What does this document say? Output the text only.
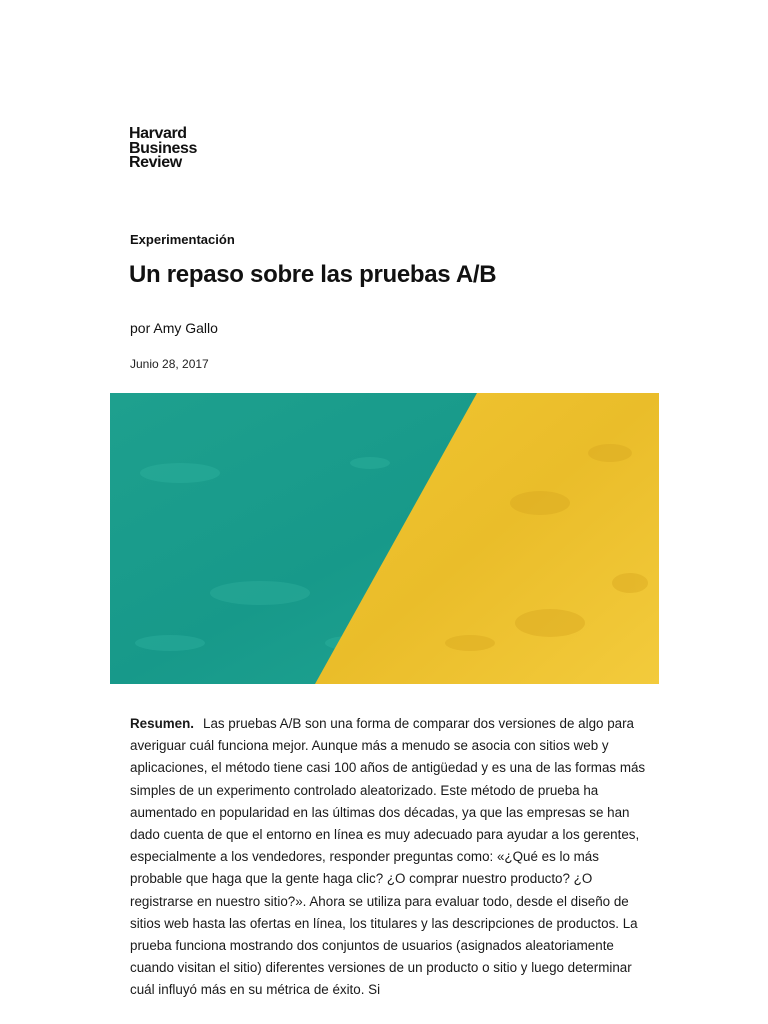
Harvard
Business
Review
Experimentación
Un repaso sobre las pruebas A/B
por Amy Gallo
Junio 28, 2017

Resumen. Las pruebas A/B son una forma de comparar dos versiones de algo para averiguar cuál funciona mejor. Aunque más a menudo se asocia con sitios web y aplicaciones, el método tiene casi 100 años de antigüedad y es una de las formas más simples de un experimento controlado aleatorizado. Este método de prueba ha aumentado en popularidad en las últimas dos décadas, ya que las empresas se han dado cuenta de que el entorno en línea es muy adecuado para ayudar a los gerentes, especialmente a los vendedores, responder preguntas como: «¿Qué es lo más probable que haga que la gente haga clic? ¿O comprar nuestro producto? ¿O registrarse en nuestro sitio?». Ahora se utiliza para evaluar todo, desde el diseño de sitios web hasta las ofertas en línea, los titulares y las descripciones de productos. La prueba funciona mostrando dos conjuntos de usuarios (asignados aleatoriamente cuando visitan el sitio) diferentes versiones de un producto o sitio y luego determinar cuál influyó más en su métrica de éxito. Si
